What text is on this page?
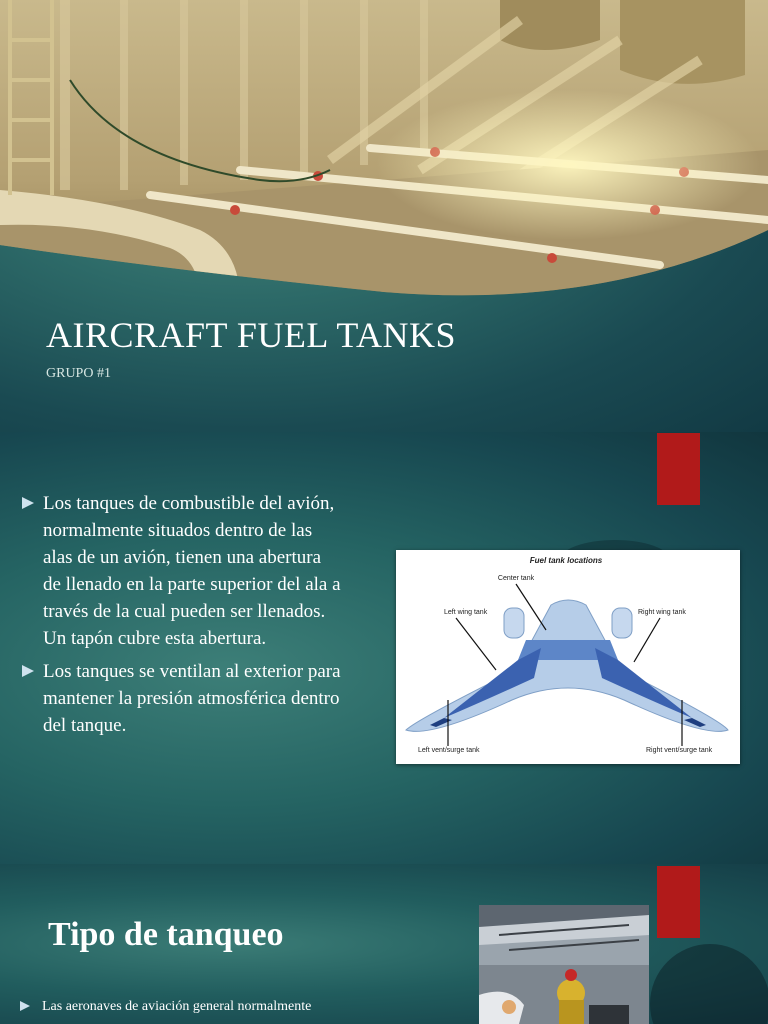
AIRCRAFT FUEL TANKS
GRUPO #1
Los tanques de combustible del avión, normalmente situados dentro de las alas de un avión, tienen una abertura de llenado en la parte superior del ala a través de la cual pueden ser llenados. Un tapón cubre esta abertura.
Los tanques se ventilan al exterior para mantener la presión atmosférica dentro del tanque.
Fuel tank locations
Center tank
Left wing tank	Right wing tank
Left vent/surge tank	Right vent/surge tank
Tipo de tanqueo
Las aeronaves de aviación general normalmente
